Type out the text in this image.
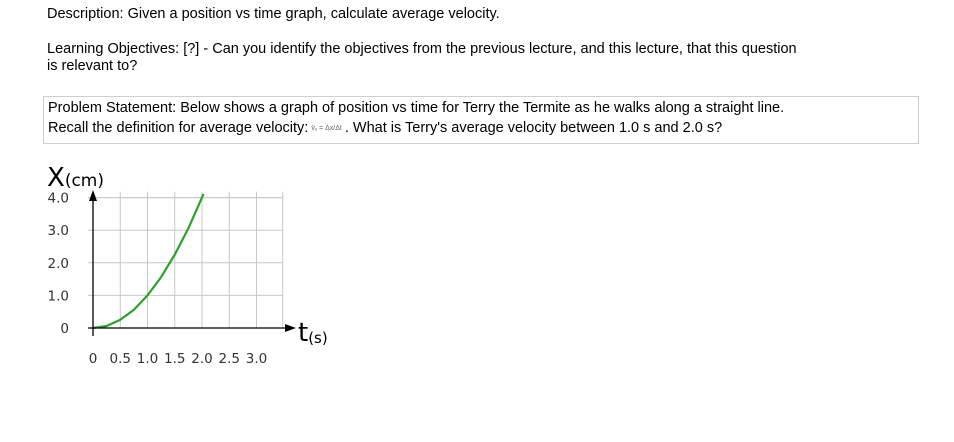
Description: Given a position vs time graph, calculate average velocity.
Learning Objectives: [?] - Can you identify the objectives from the previous lecture, and this lecture, that this question
is relevant to?
Problem Statement: Below shows a graph of position vs time for Terry the Termite as he walks along a straight line.
Recall the definition for average velocity: v̄ₓ = Δx/Δt . What is Terry's average velocity between 1.0 s and 2.0 s?
0 0.5 1.0 1.5 2.0 2.5 3.0
0
1.0
2.0
3.0
4.0
X(cm)
t(s)
